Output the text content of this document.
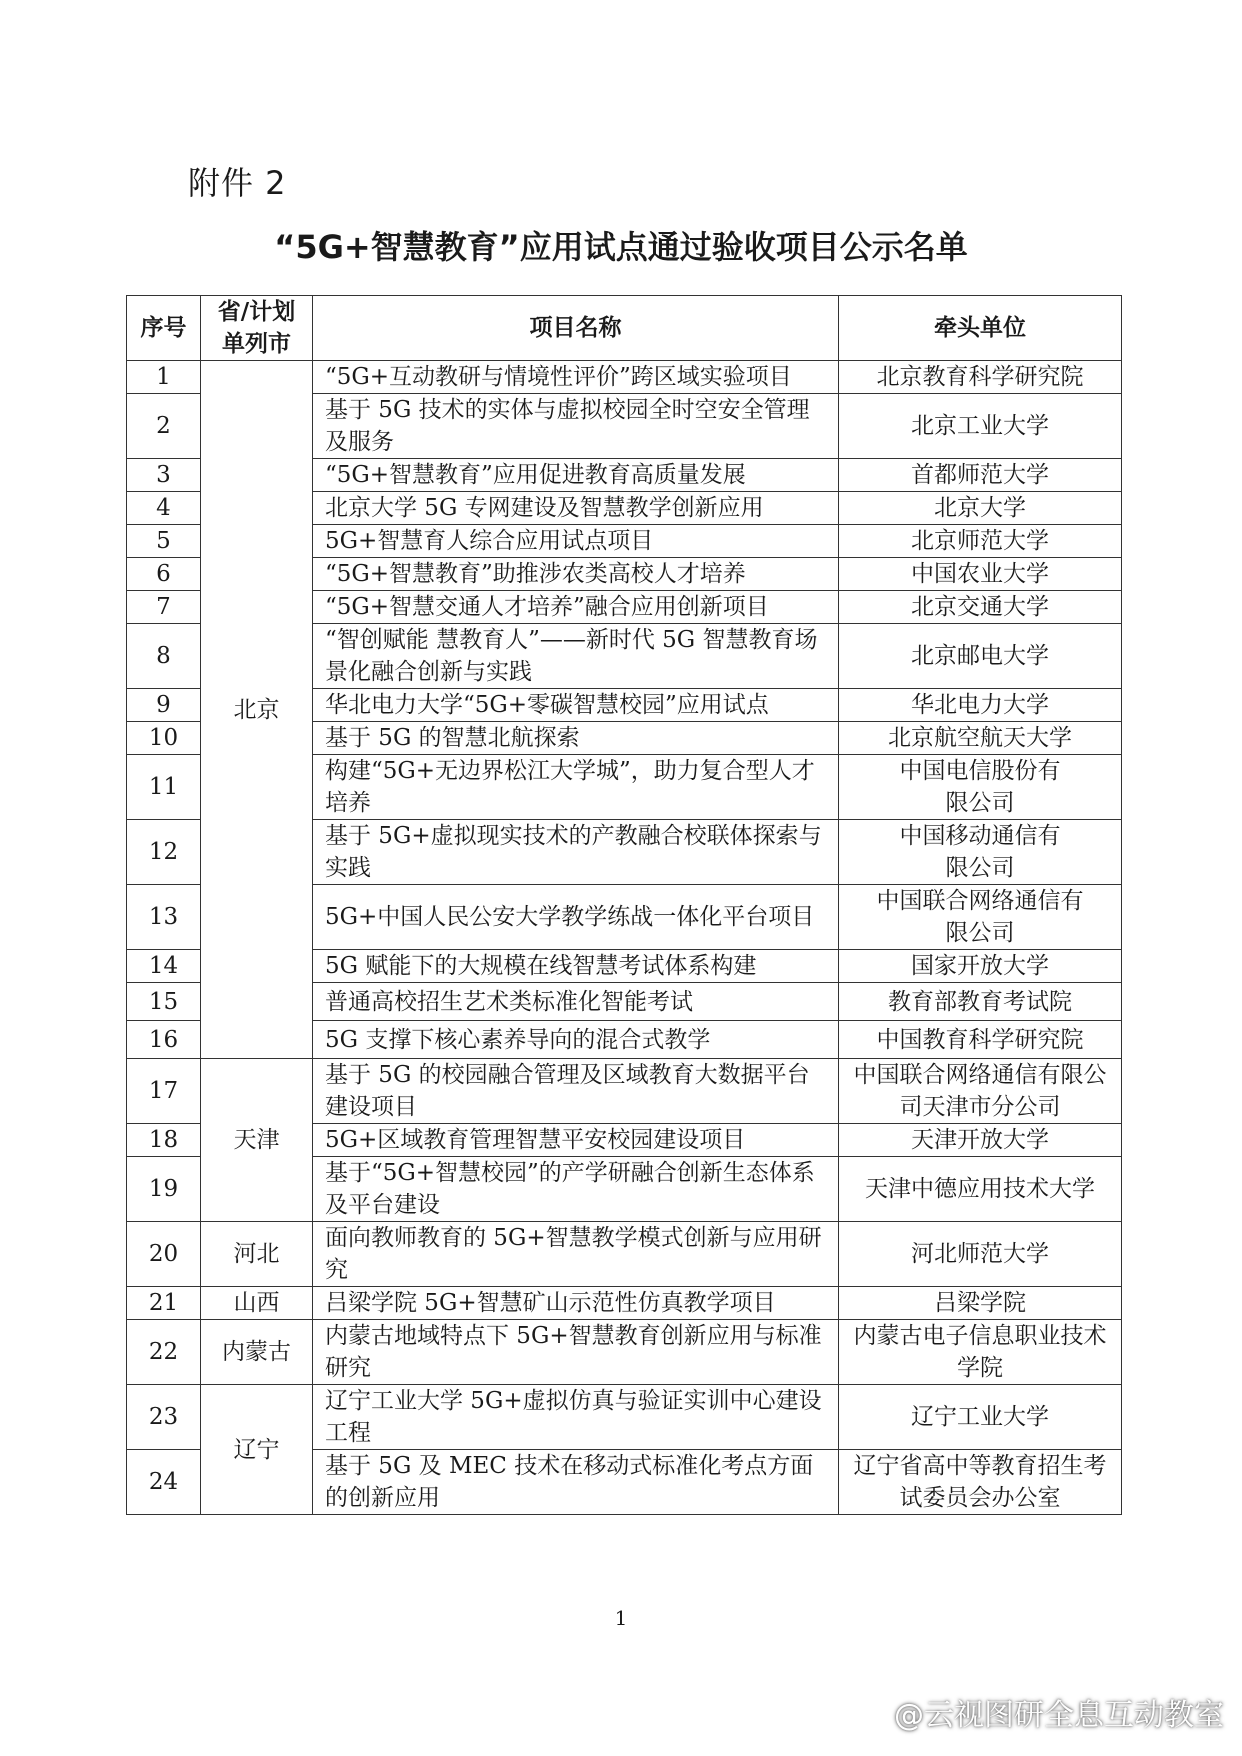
附件 2
“5G+智慧教育”应用试点通过验收项目公示名单
序号	省/计划单列市	项目名称	牵头单位
1	北京	“5G+互动教研与情境性评价”跨区域实验项目	北京教育科学研究院
2		基于 5G 技术的实体与虚拟校园全时空安全管理及服务	北京工业大学
3		“5G+智慧教育”应用促进教育高质量发展	首都师范大学
4		北京大学 5G 专网建设及智慧教学创新应用	北京大学
5		5G+智慧育人综合应用试点项目	北京师范大学
6		“5G+智慧教育”助推涉农类高校人才培养	中国农业大学
7		“5G+智慧交通人才培养”融合应用创新项目	北京交通大学
8		“智创赋能 慧教育人”——新时代 5G 智慧教育场景化融合创新与实践	北京邮电大学
9		华北电力大学“5G+零碳智慧校园”应用试点	华北电力大学
10		基于 5G 的智慧北航探索	北京航空航天大学
11		构建“5G+无边界松江大学城”，助力复合型人才培养	中国电信股份有限公司
12		基于 5G+虚拟现实技术的产教融合校联体探索与实践	中国移动通信有限公司
13		5G+中国人民公安大学教学练战一体化平台项目	中国联合网络通信有限公司
14		5G 赋能下的大规模在线智慧考试体系构建	国家开放大学
15		普通高校招生艺术类标准化智能考试	教育部教育考试院
16		5G 支撑下核心素养导向的混合式教学	中国教育科学研究院
17	天津	基于 5G 的校园融合管理及区域教育大数据平台建设项目	中国联合网络通信有限公司天津市分公司
18		5G+区域教育管理智慧平安校园建设项目	天津开放大学
19		基于“5G+智慧校园”的产学研融合创新生态体系及平台建设	天津中德应用技术大学
20	河北	面向教师教育的 5G+智慧教学模式创新与应用研究	河北师范大学
21	山西	吕梁学院 5G+智慧矿山示范性仿真教学项目	吕梁学院
22	内蒙古	内蒙古地域特点下 5G+智慧教育创新应用与标准研究	内蒙古电子信息职业技术学院
23	辽宁	辽宁工业大学 5G+虚拟仿真与验证实训中心建设工程	辽宁工业大学
24		基于 5G 及 MEC 技术在移动式标准化考点方面的创新应用	辽宁省高中等教育招生考试委员会办公室
1
@云视图研全息互动教室
